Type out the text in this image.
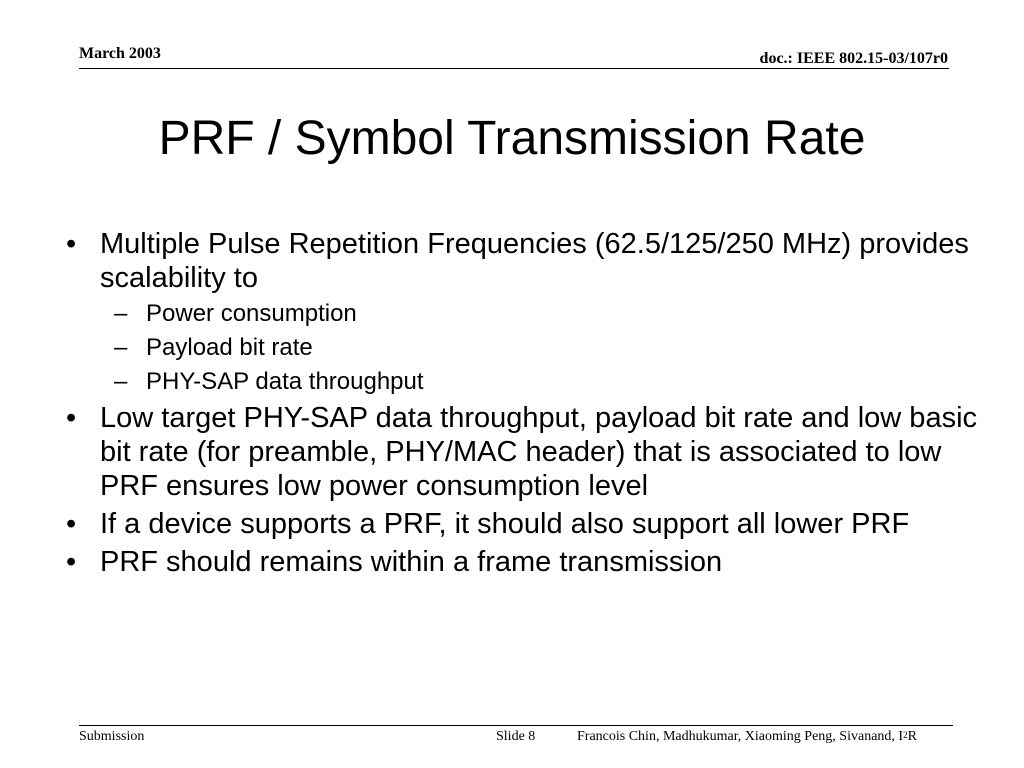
March 2003	doc.: IEEE 802.15-03/107r0
PRF / Symbol Transmission Rate
•
Multiple Pulse Repetition Frequencies (62.5/125/250 MHz) provides scalability to
–
Power consumption
–
Payload bit rate
–
PHY-SAP data throughput
•
Low target PHY-SAP data throughput, payload bit rate and low basic bit rate (for preamble, PHY/MAC header) that is associated to low PRF ensures low power consumption level
•
If a device supports a PRF, it should also support all lower PRF
•
PRF should remains within a frame transmission
Submission	Slide 8	Francois Chin, Madhukumar, Xiaoming Peng, Sivanand, $I^2R$
